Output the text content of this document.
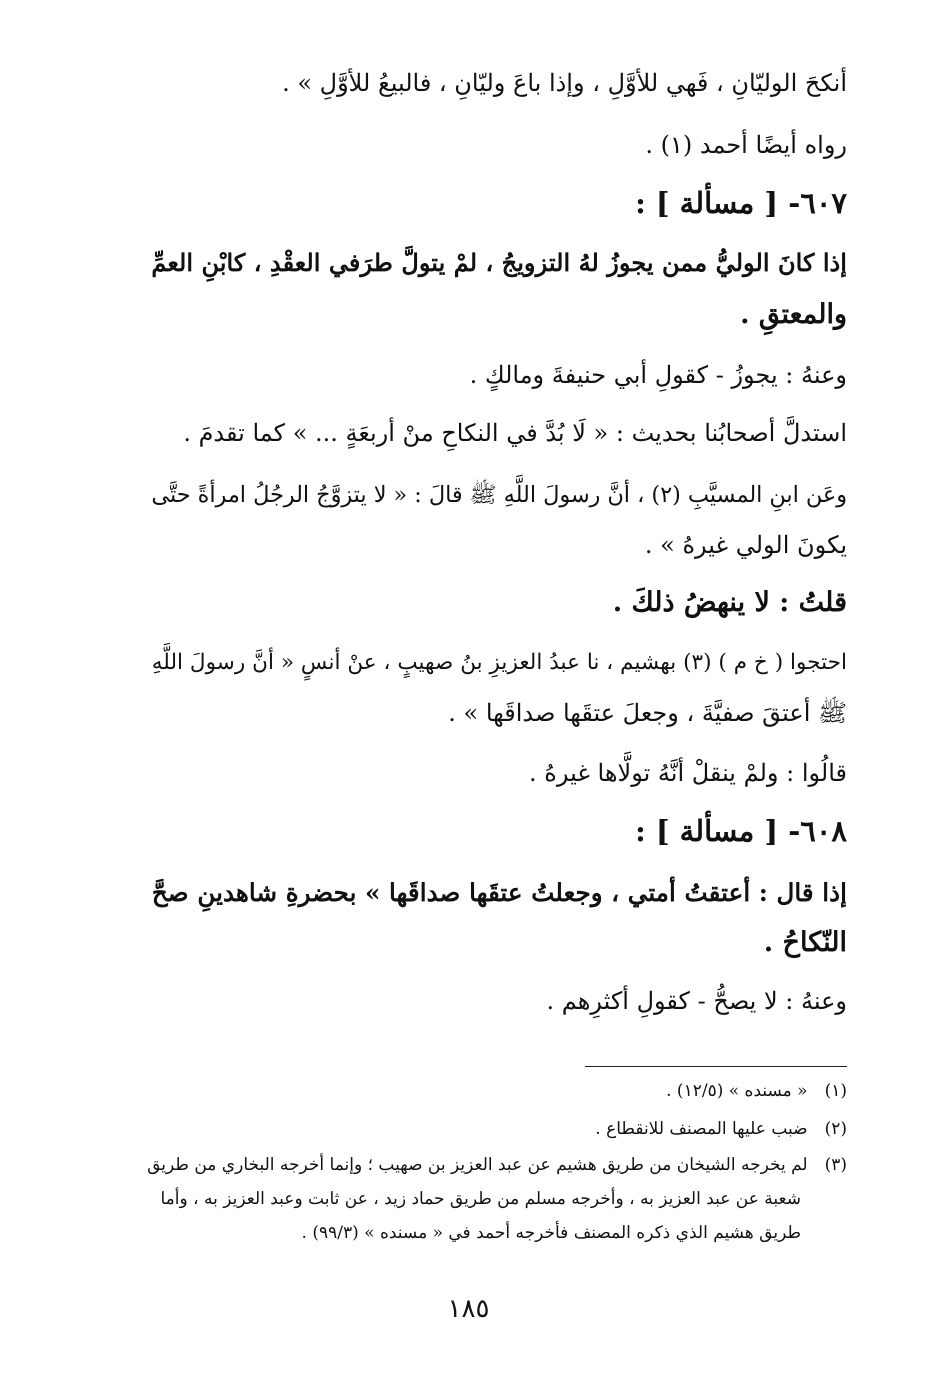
أنكحَ الوليّانِ ، فَهي للأوَّلِ ، وإذا باعَ وليّانِ ، فالبيعُ للأوَّلِ » .
رواه أيضًا أحمد (١) .
٦٠٧- [ مسألة ] :
إذا كانَ الوليُّ ممن يجوزُ لهُ التزويجُ ، لمْ يتولَّ طرَفي العقْدِ ، كابْنِ العمِّ
والمعتقِ .
وعنهُ : يجوزُ - كقولِ أبي حنيفةَ ومالكٍ .
استدلَّ أصحابُنا بحديث : « لَا بُدَّ في النكاحِ منْ أربعَةٍ ... » كما تقدمَ .
وعَن ابنِ المسيَّبِ (٢) ، أنَّ رسولَ اللَّهِ ﷺ قالَ : « لا يتزوَّجُ الرجُلُ امرأةً حتَّى
يكونَ الولي غيرهُ » .
قلتُ : لا ينهضُ ذلكَ .
احتجوا ( خ م ) (٣) بهشيم ، نا عبدُ العزيزِ بنُ صهيبٍ ، عنْ أنسٍ « أنَّ رسولَ اللَّهِ
ﷺ أعتقَ صفيَّةَ ، وجعلَ عتقَها صداقَها » .
قالُوا : ولمْ ينقلْ أنَّهُ تولَّاها غيرهُ .
٦٠٨- [ مسألة ] :
إذا قال : أعتقتُ أمتي ، وجعلتُ عتقَها صداقَها » بحضرةِ شاهدينِ صحَّ
النّكاحُ .
وعنهُ : لا يصحُّ - كقولِ أكثرِهم .
(١) « مسنده » (١٢/٥) .
(٢) ضبب عليها المصنف للانقطاع .
(٣) لم يخرجه الشيخان من طريق هشيم عن عبد العزيز بن صهيب ؛ وإنما أخرجه البخاري من طريق
شعبة عن عبد العزيز به ، وأخرجه مسلم من طريق حماد زيد ، عن ثابت وعبد العزيز به ، وأما
طريق هشيم الذي ذكره المصنف فأخرجه أحمد في « مسنده » (٩٩/٣) .
١٨٥
